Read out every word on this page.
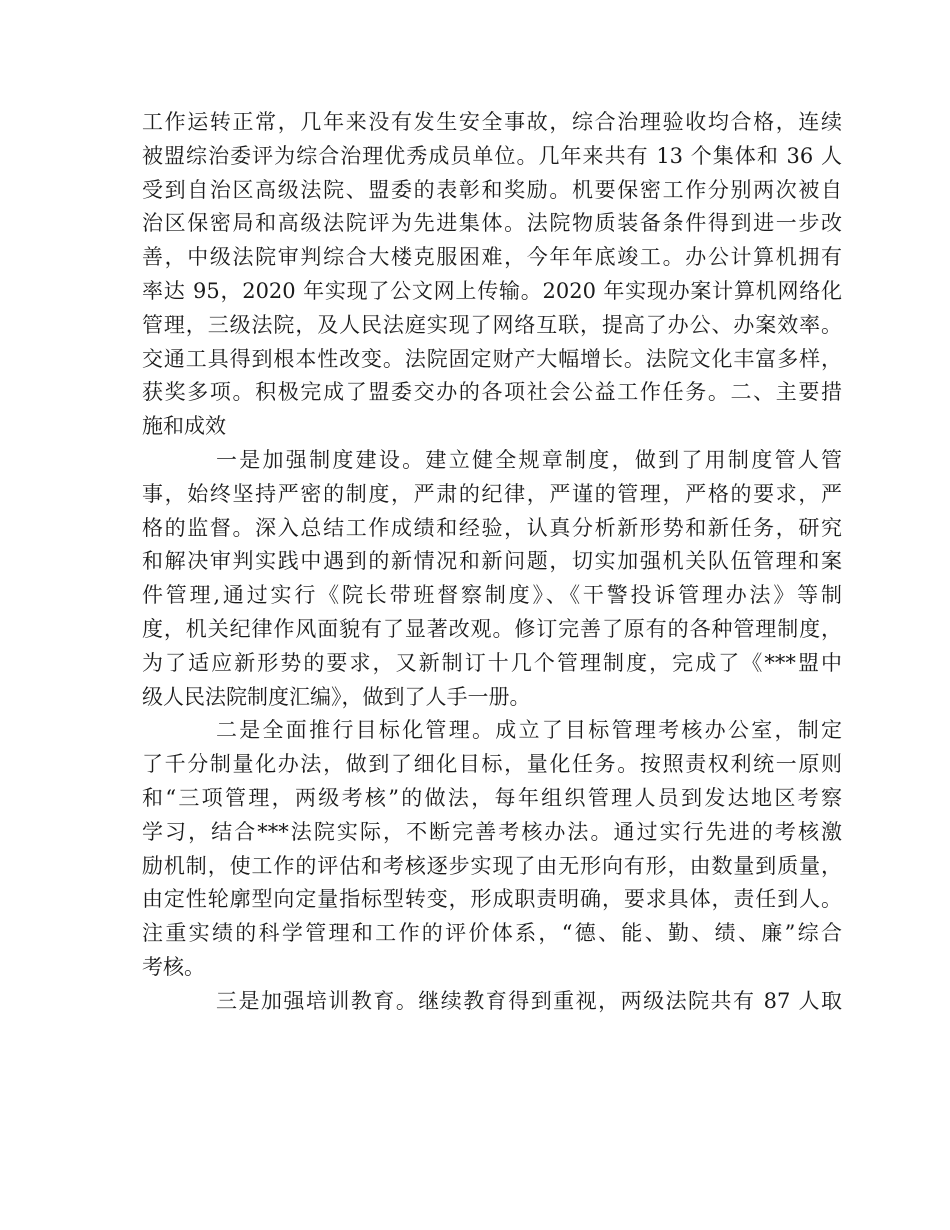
工作运转正常，几年来没有发生安全事故，综合治理验收均合格，连续
被盟综治委评为综合治理优秀成员单位。几年来共有 13 个集体和 36 人
受到自治区高级法院、盟委的表彰和奖励。机要保密工作分别两次被自
治区保密局和高级法院评为先进集体。法院物质装备条件得到进一步改
善，中级法院审判综合大楼克服困难，今年年底竣工。办公计算机拥有
率达 95，2020 年实现了公文网上传输。2020 年实现办案计算机网络化
管理，三级法院，及人民法庭实现了网络互联，提高了办公、办案效率。
交通工具得到根本性改变。法院固定财产大幅增长。法院文化丰富多样，
获奖多项。积极完成了盟委交办的各项社会公益工作任务。二、主要措
施和成效
一是加强制度建设。建立健全规章制度，做到了用制度管人管
事，始终坚持严密的制度，严肃的纪律，严谨的管理，严格的要求，严
格的监督。深入总结工作成绩和经验，认真分析新形势和新任务，研究
和解决审判实践中遇到的新情况和新问题，切实加强机关队伍管理和案
件管理,通过实行《院长带班督察制度》、《干警投诉管理办法》等制
度，机关纪律作风面貌有了显著改观。修订完善了原有的各种管理制度，
为了适应新形势的要求，又新制订十几个管理制度，完成了《***盟中
级人民法院制度汇编》，做到了人手一册。
二是全面推行目标化管理。成立了目标管理考核办公室，制定
了千分制量化办法，做到了细化目标，量化任务。按照责权利统一原则
和“三项管理，两级考核”的做法，每年组织管理人员到发达地区考察
学习，结合***法院实际，不断完善考核办法。通过实行先进的考核激
励机制，使工作的评估和考核逐步实现了由无形向有形，由数量到质量，
由定性轮廓型向定量指标型转变，形成职责明确，要求具体，责任到人。
注重实绩的科学管理和工作的评价体系，“德、能、勤、绩、廉”综合
考核。
三是加强培训教育。继续教育得到重视，两级法院共有 87 人取
